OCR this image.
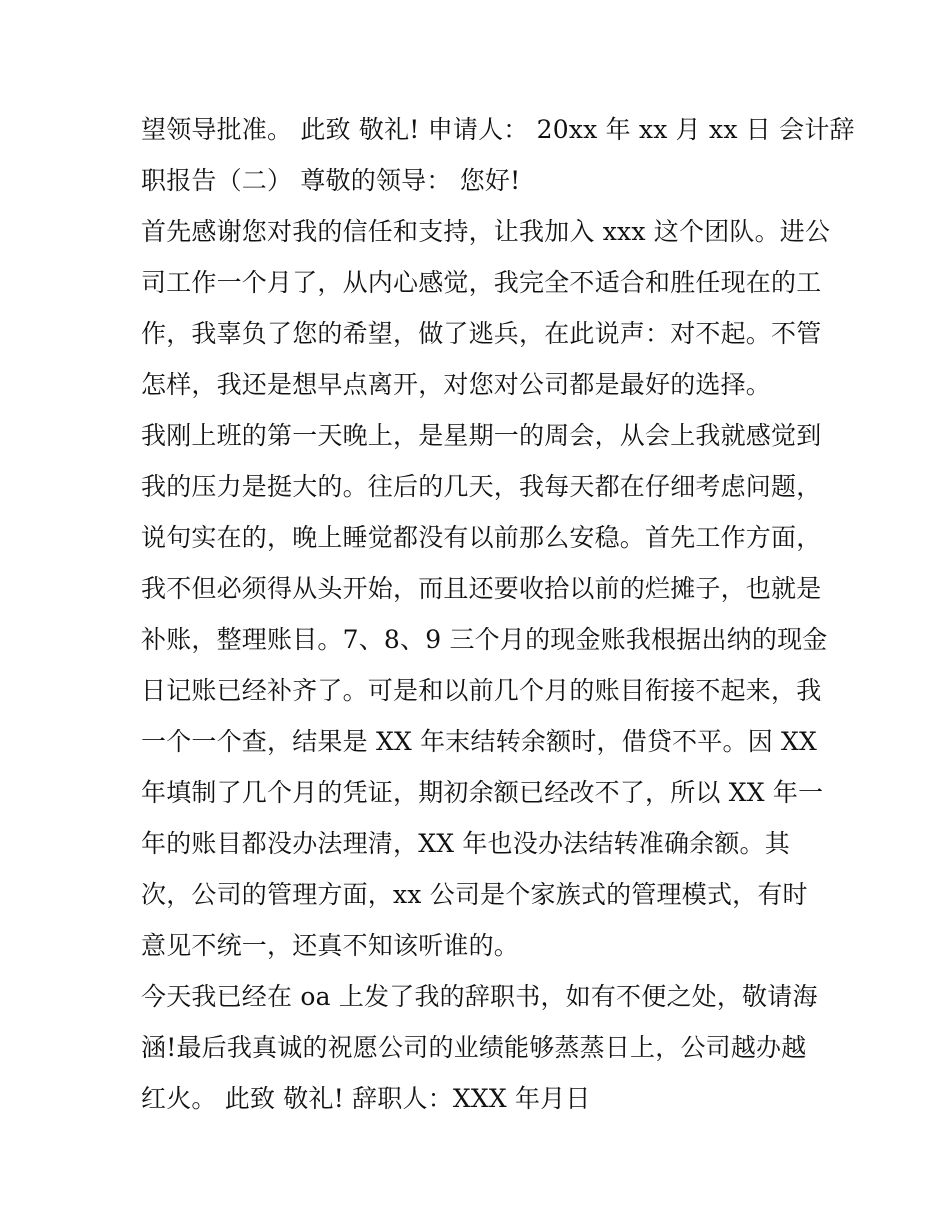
望领导批准。 此致 敬礼! 申请人： 20xx 年 xx 月 xx 日 会计辞
职报告（二） 尊敬的领导： 您好!
首先感谢您对我的信任和支持，让我加入 xxx 这个团队。进公
司工作一个月了，从内心感觉，我完全不适合和胜任现在的工
作，我辜负了您的希望，做了逃兵，在此说声：对不起。不管
怎样，我还是想早点离开，对您对公司都是最好的选择。
我刚上班的第一天晚上，是星期一的周会，从会上我就感觉到
我的压力是挺大的。往后的几天，我每天都在仔细考虑问题，
说句实在的，晚上睡觉都没有以前那么安稳。首先工作方面，
我不但必须得从头开始，而且还要收拾以前的烂摊子，也就是
补账，整理账目。7、8、9 三个月的现金账我根据出纳的现金
日记账已经补齐了。可是和以前几个月的账目衔接不起来，我
一个一个查，结果是 XX 年末结转余额时，借贷不平。因 XX
年填制了几个月的凭证，期初余额已经改不了，所以 XX 年一
年的账目都没办法理清，XX 年也没办法结转准确余额。其
次，公司的管理方面，xx 公司是个家族式的管理模式，有时
意见不统一，还真不知该听谁的。
今天我已经在 oa 上发了我的辞职书，如有不便之处，敬请海
涵!最后我真诚的祝愿公司的业绩能够蒸蒸日上，公司越办越
红火。 此致 敬礼! 辞职人：XXX 年月日
